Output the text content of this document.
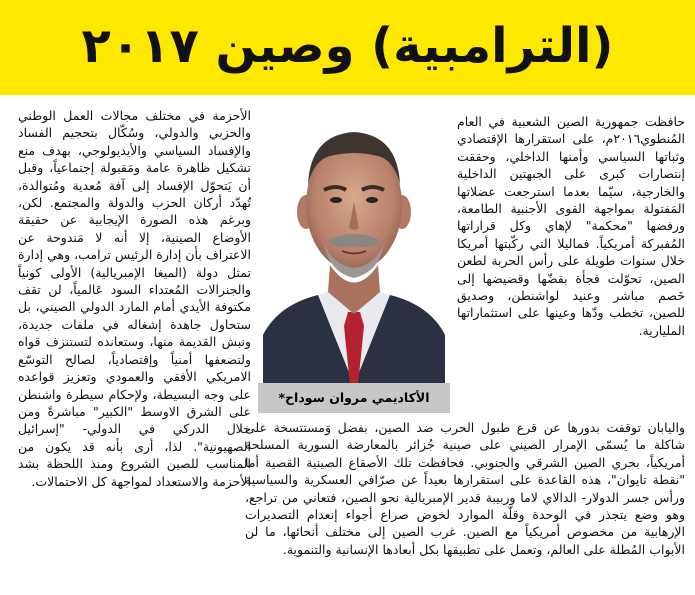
(الترامبية) وصين ٢٠١٧

حافظت جمهورية الصين الشعبية في العام المُنطوي٢٠١٦م، على استقرارها الإقتصادي وثباتها السياسي وأمنها الداخلي، وحققت إنتصارات كبرى على الجبهتين الداخلية والخارجية، سيّما بعدما استرجعت عضلاتها المَفتولة بمواجهة القوى الأجنبية الطامعة، ورفضها "محكمة" لإهاي وكل قراراتها المُفبركة أمريكياً. فماليلا التي ركّبتها أمريكا خلال سنوات طويلة على رأس الحربة لطعن الصين، تحوّلت فجأة بقضّها وقضيضها إلى خَصم مباشر وعنيد لواشنطن، وصديق للصين، تخطب ودّها وعينها على استثماراتها المليارية.

الأكاديمي مروان سوداح*

الأحزمة في مختلف مجالات العمل الوطني والحزبي والدولي، وسُكّال بتحجيم الفساد والإفساد السياسي والأيديولوجي، بهدف منع تشكيل ظاهرة عامة ومَقبولة إجتماعياً، وقبل أن يَتحوّل الإفساد إلى آفة مُعدية ومُتوالدة، تُهدّد أركان الحزب والدولة والمجتمع. لكن، وبرغم هذه الصورة الإيجابية عن حقيقة الأوضاع الصينية، إلا أنه لا مَندوحة عن الاعتراف بأن إدارة الرئيس ترامب، وهي إدارة تمثل دولة (الميغا الإمبريالية) الأولى كونياً والجنرالات المُعتداء السود عَالمياً، لن تقف مكتوفة الأيدي أمام المارد الدولي الصيني، بل ستحاول جاهدة إشغاله في ملفات جديدة، ونبش القديمة منها، وستعانده لتستنزف قواه ولتضعفها أمنياً وإقتصادياً، لصالح التوسّع الامريكي الأفقي والعمودي وتعزيز قواعده على وجه البسيطة، ولإحكام سيطرة واشنطن على الشرق الاوسط "الكبير" مباشرةً ومن خلال الدركي في الدولي- "إسرائيل الصهيونية". لذا، أرى بأنه قد يكون من المناسب للصين الشروع ومنذ اللحظة بشد الأحزمة والاستعداد لمواجهة كل الاحتمالات.

واليابان توقفت بدورها عن قرع طبول الحرب ضد الصين، بفضل وَمستتسخة على شاكلة ما يُسمّى الإمرار الصيني على صينية جُزائر بالمعارضة السورية المسلحة أمريكياً، بحري الصين الشرقي والجنوبي. فحافظت تلك الأصقاع الصينية القصية أما "نقطة تايوان"، هذه القاعدة على استقرارها بعيداً عن صرّافي العسكرية والسياسية ورأس جسر الدولار- الدالاي لاما وربيبة قدير الإمبريالية نحو الصين، فتعاني من تراجع، وهو وضع يتجذر في الوحدة وقلّة الموارد لخوض صراع أجواء إنعدام التصديرات الإرهابية من مخصوص أمريكياً مع الصين. غرب الصين إلى مختلف أنحائها، ما لن الأبواب المُطلة على العالم، وتعمل على تطبيقها بكل أبعادها الإنسانية والتنموية.
